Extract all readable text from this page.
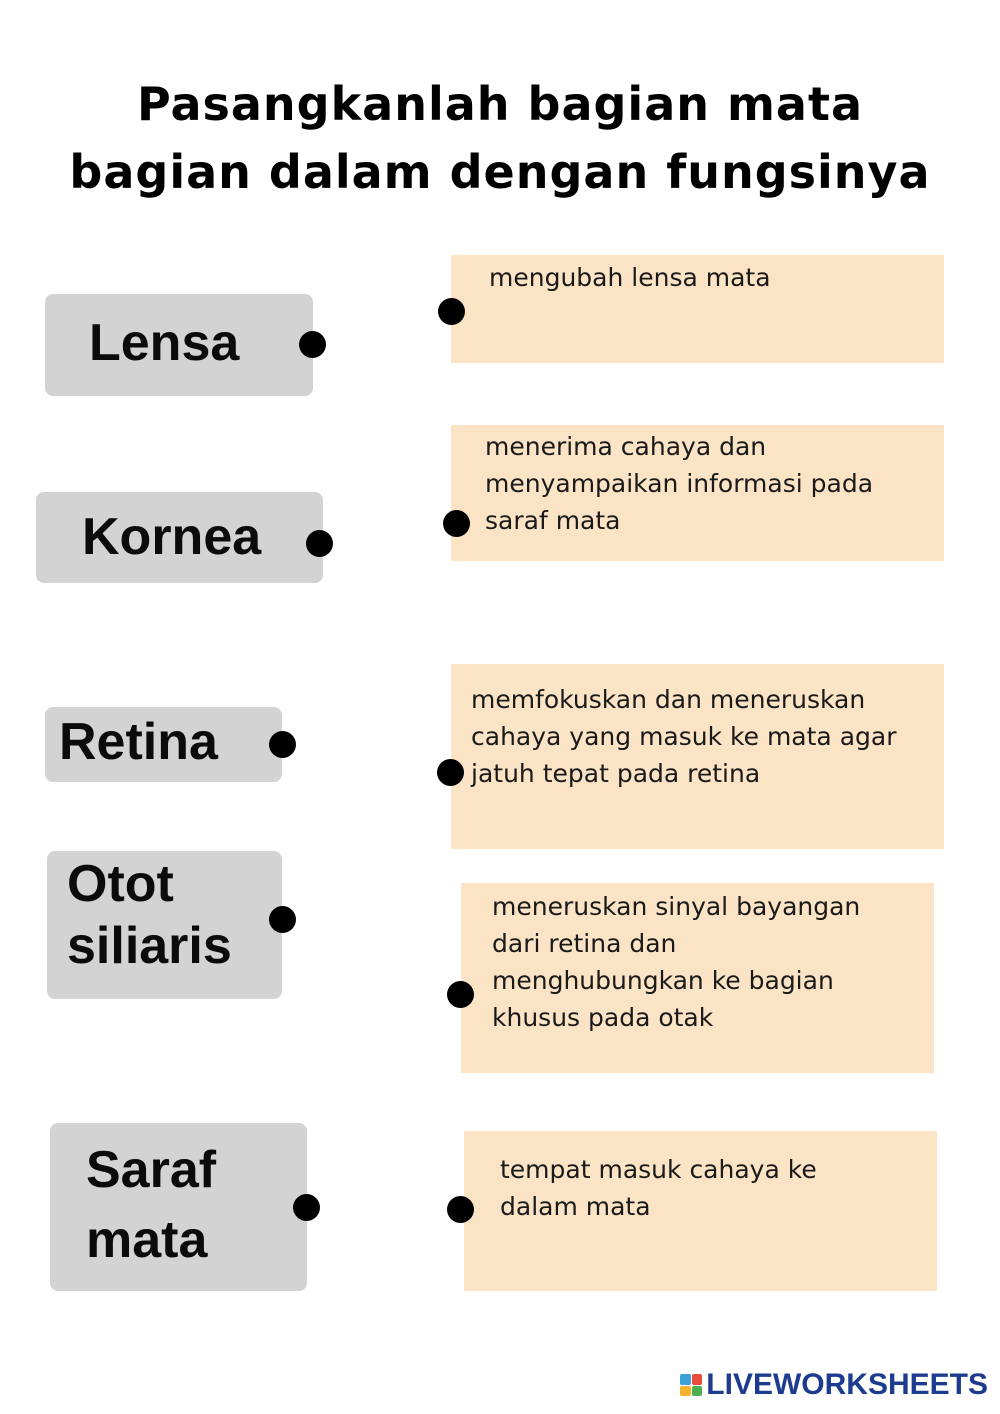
Pasangkanlah bagian mata
bagian dalam dengan fungsinya
Lensa
Kornea
Retina
Otot
siliaris
Saraf
mata
mengubah lensa mata
menerima cahaya dan
menyampaikan informasi pada
saraf mata
memfokuskan dan meneruskan
cahaya yang masuk ke mata agar
jatuh tepat pada retina
meneruskan sinyal bayangan
dari retina dan
menghubungkan ke bagian
khusus pada otak
tempat masuk cahaya ke
dalam mata
LIVEWORKSHEETS
